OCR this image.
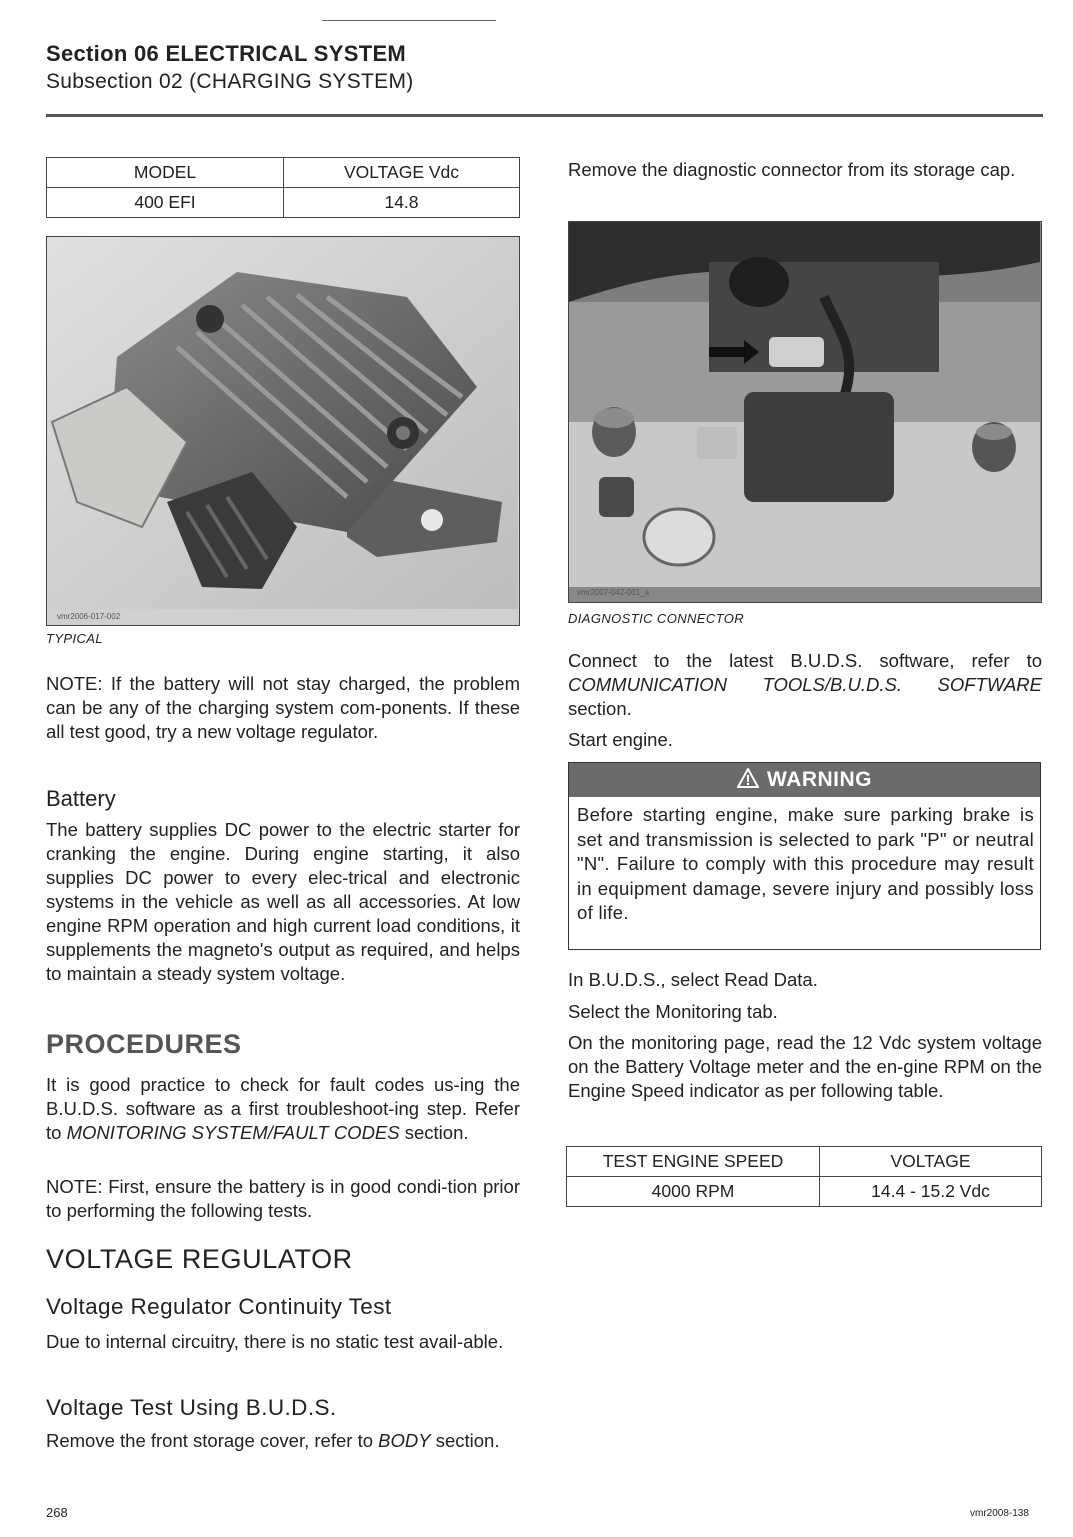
Section 06 ELECTRICAL SYSTEM
Subsection 02 (CHARGING SYSTEM)
MODEL	VOLTAGE Vdc
400 EFI	14.8
vmr2006-017-002
TYPICAL

NOTE: If the battery will not stay charged, the problem can be any of the charging system com-ponents. If these all test good, try a new voltage regulator.

Battery

The battery supplies DC power to the electric starter for cranking the engine. During engine starting, it also supplies DC power to every elec-trical and electronic systems in the vehicle as well as all accessories. At low engine RPM operation and high current load conditions, it supplements the magneto's output as required, and helps to maintain a steady system voltage.

PROCEDURES

It is good practice to check for fault codes us-ing the B.U.D.S. software as a first troubleshoot-ing step. Refer to MONITORING SYSTEM/FAULT CODES section.

NOTE: First, ensure the battery is in good condi-tion prior to performing the following tests.

VOLTAGE REGULATOR
Voltage Regulator Continuity Test

Due to internal circuitry, there is no static test avail-able.

Voltage Test Using B.U.D.S.

Remove the front storage cover, refer to BODY section.

Remove the diagnostic connector from its storage cap.

vmr2007-042-001_a
DIAGNOSTIC CONNECTOR

Connect to the latest B.U.D.S. software, refer to COMMUNICATION TOOLS/B.U.D.S. SOFTWARE section.

Start engine.

WARNING
Before starting engine, make sure parking brake is set and transmission is selected to park "P" or neutral "N". Failure to comply with this procedure may result in equipment damage, severe injury and possibly loss of life.

In B.U.D.S., select Read Data.

Select the Monitoring tab.

On the monitoring page, read the 12 Vdc system voltage on the Battery Voltage meter and the en-gine RPM on the Engine Speed indicator as per following table.

TEST ENGINE SPEED	VOLTAGE
4000 RPM	14.4 - 15.2 Vdc
268	vmr2008-138
